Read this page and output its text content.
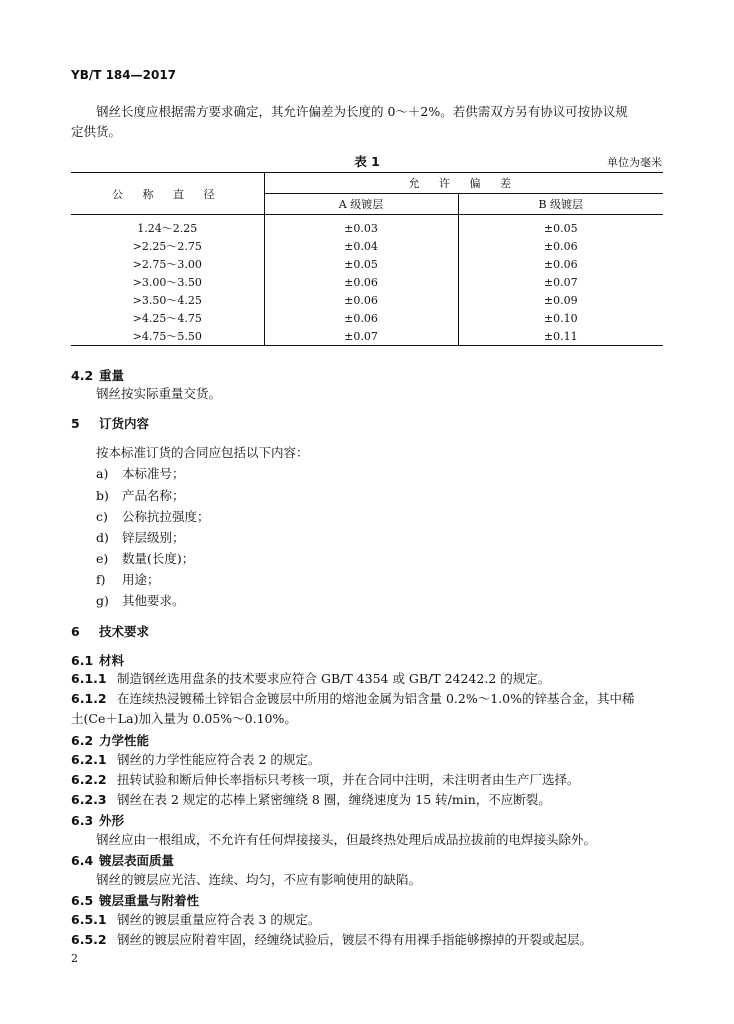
YB/T 184—2017
钢丝长度应根据需方要求确定，其允许偏差为长度的 0～＋2%。若供需双方另有协议可按协议规
定供货。
表 1	单位为毫米
公 称 直 径	允 许 偏 差	
	A 级镀层	B 级镀层
1.24～2.25	±0.03	±0.05
>2.25～2.75	±0.04	±0.06
>2.75～3.00	±0.05	±0.06
>3.00～3.50	±0.06	±0.07
>3.50～4.25	±0.06	±0.09
>4.25～4.75	±0.06	±0.10
>4.75～5.50	±0.07	±0.11
4.2 重量
钢丝按实际重量交货。
5 订货内容
按本标准订货的合同应包括以下内容：
a) 本标准号；
b) 产品名称；
c) 公称抗拉强度；
d) 锌层级别；
e) 数量(长度)；
f) 用途；
g) 其他要求。
6 技术要求
6.1 材料
6.1.1 制造钢丝选用盘条的技术要求应符合 GB/T 4354 或 GB/T 24242.2 的规定。
6.1.2 在连续热浸镀稀土锌铝合金镀层中所用的熔池金属为铝含量 0.2%～1.0%的锌基合金，其中稀
土(Ce＋La)加入量为 0.05%～0.10%。
6.2 力学性能
6.2.1 钢丝的力学性能应符合表 2 的规定。
6.2.2 扭转试验和断后伸长率指标只考核一项，并在合同中注明，未注明者由生产厂选择。
6.2.3 钢丝在表 2 规定的芯棒上紧密缠绕 8 圈，缠绕速度为 15 转/min，不应断裂。
6.3 外形
钢丝应由一根组成，不允许有任何焊接接头，但最终热处理后成品拉拔前的电焊接头除外。
6.4 镀层表面质量
钢丝的镀层应光洁、连续、均匀，不应有影响使用的缺陷。
6.5 镀层重量与附着性
6.5.1 钢丝的镀层重量应符合表 3 的规定。
6.5.2 钢丝的镀层应附着牢固，经缠绕试验后，镀层不得有用裸手指能够擦掉的开裂或起层。
2
